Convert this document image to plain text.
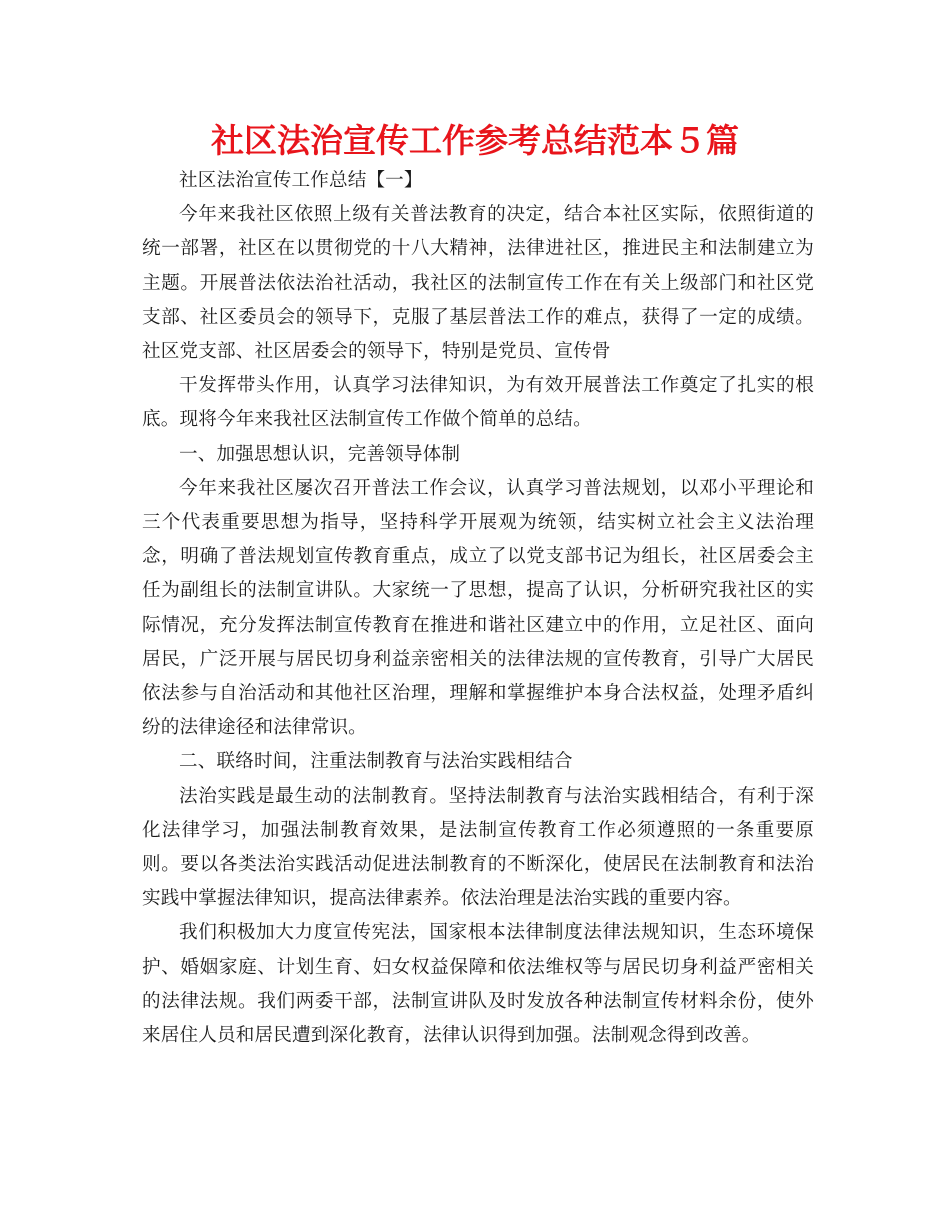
社区法治宣传工作参考总结范本５篇

社区法治宣传工作总结【一】

今年来我社区依照上级有关普法教育的决定，结合本社区实际，依照街道的统一部署，社区在以贯彻党的十八大精神，法律进社区，推进民主和法制建立为主题。开展普法依法治社活动，我社区的法制宣传工作在有关上级部门和社区党支部、社区委员会的领导下，克服了基层普法工作的难点，获得了一定的成绩。社区党支部、社区居委会的领导下，特别是党员、宣传骨

干发挥带头作用，认真学习法律知识，为有效开展普法工作奠定了扎实的根底。现将今年来我社区法制宣传工作做个简单的总结。

一、加强思想认识，完善领导体制

今年来我社区屡次召开普法工作会议，认真学习普法规划，以邓小平理论和三个代表重要思想为指导，坚持科学开展观为统领，结实树立社会主义法治理念，明确了普法规划宣传教育重点，成立了以党支部书记为组长，社区居委会主任为副组长的法制宣讲队。大家统一了思想，提高了认识，分析研究我社区的实际情况，充分发挥法制宣传教育在推进和谐社区建立中的作用，立足社区、面向居民，广泛开展与居民切身利益亲密相关的法律法规的宣传教育，引导广大居民依法参与自治活动和其他社区治理，理解和掌握维护本身合法权益，处理矛盾纠纷的法律途径和法律常识。

二、联络时间，注重法制教育与法治实践相结合

法治实践是最生动的法制教育。坚持法制教育与法治实践相结合，有利于深化法律学习，加强法制教育效果，是法制宣传教育工作必须遵照的一条重要原则。要以各类法治实践活动促进法制教育的不断深化，使居民在法制教育和法治实践中掌握法律知识，提高法律素养。依法治理是法治实践的重要内容。

我们积极加大力度宣传宪法，国家根本法律制度法律法规知识，生态环境保护、婚姻家庭、计划生育、妇女权益保障和依法维权等与居民切身利益严密相关的法律法规。我们两委干部，法制宣讲队及时发放各种法制宣传材料余份，使外来居住人员和居民遭到深化教育，法律认识得到加强。法制观念得到改善。
